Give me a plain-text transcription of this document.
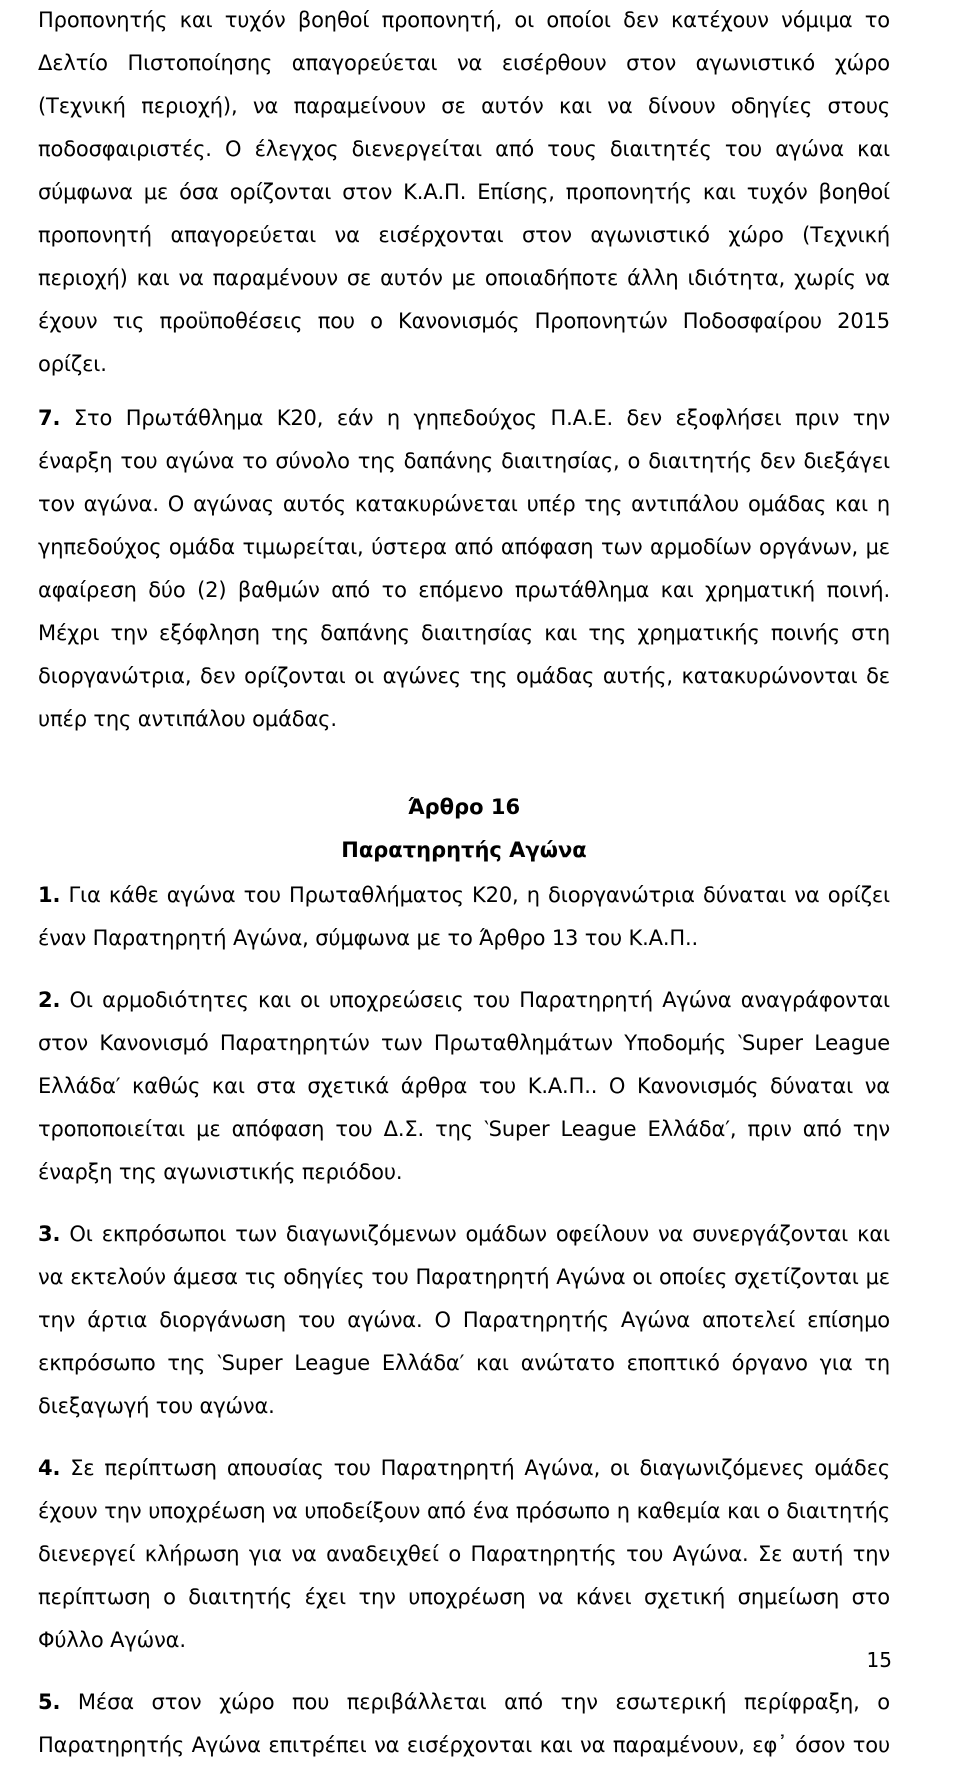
Προπονητής και τυχόν βοηθοί προπονητή, οι οποίοι δεν κατέχουν νόμιμα το Δελτίο Πιστοποίησης απαγορεύεται να εισέρθουν στον αγωνιστικό χώρο (Τεχνική περιοχή), να παραμείνουν σε αυτόν και να δίνουν οδηγίες στους ποδοσφαιριστές. Ο έλεγχος διενεργείται από τους διαιτητές του αγώνα και σύμφωνα με όσα ορίζονται στον Κ.Α.Π. Επίσης, προπονητής και τυχόν βοηθοί προπονητή απαγορεύεται να εισέρχονται στον αγωνιστικό χώρο (Τεχνική περιοχή) και να παραμένουν σε αυτόν με οποιαδήποτε άλλη ιδιότητα, χωρίς να έχουν τις προϋποθέσεις που ο Κανονισμός Προπονητών Ποδοσφαίρου 2015 ορίζει.

7. Στο Πρωτάθλημα Κ20, εάν η γηπεδούχος Π.Α.Ε. δεν εξοφλήσει πριν την έναρξη του αγώνα το σύνολο της δαπάνης διαιτησίας, ο διαιτητής δεν διεξάγει τον αγώνα. Ο αγώνας αυτός κατακυρώνεται υπέρ της αντιπάλου ομάδας και η γηπεδούχος ομάδα τιμωρείται, ύστερα από απόφαση των αρμοδίων οργάνων, με αφαίρεση δύο (2) βαθμών από το επόμενο πρωτάθλημα και χρηματική ποινή. Μέχρι την εξόφληση της δαπάνης διαιτησίας και της χρηματικής ποινής στη διοργανώτρια, δεν ορίζονται οι αγώνες της ομάδας αυτής, κατακυρώνονται δε υπέρ της αντιπάλου ομάδας.

Άρθρο 16
Παρατηρητής Αγώνα

1. Για κάθε αγώνα του Πρωταθλήματος Κ20, η διοργανώτρια δύναται να ορίζει έναν Παρατηρητή Αγώνα, σύμφωνα με το Άρθρο 13 του Κ.Α.Π..

2. Οι αρμοδιότητες και οι υποχρεώσεις του Παρατηρητή Αγώνα αναγράφονται στον Κανονισμό Παρατηρητών των Πρωταθλημάτων Υποδομής ‵Super League Ελλάδα′ καθώς και στα σχετικά άρθρα του Κ.Α.Π.. Ο Κανονισμός δύναται να τροποποιείται με απόφαση του Δ.Σ. της ‵Super League Ελλάδα′, πριν από την έναρξη της αγωνιστικής περιόδου.

3. Οι εκπρόσωποι των διαγωνιζόμενων ομάδων οφείλουν να συνεργάζονται και να εκτελούν άμεσα τις οδηγίες του Παρατηρητή Αγώνα οι οποίες σχετίζονται με την άρτια διοργάνωση του αγώνα. Ο Παρατηρητής Αγώνα αποτελεί επίσημο εκπρόσωπο της ‵Super League Ελλάδα′ και ανώτατο εποπτικό όργανο για τη διεξαγωγή του αγώνα.

4. Σε περίπτωση απουσίας του Παρατηρητή Αγώνα, οι διαγωνιζόμενες ομάδες έχουν την υποχρέωση να υποδείξουν από ένα πρόσωπο η καθεμία και ο διαιτητής διενεργεί κλήρωση για να αναδειχθεί ο Παρατηρητής του Αγώνα. Σε αυτή την περίπτωση ο διαιτητής έχει την υποχρέωση να κάνει σχετική σημείωση στο Φύλλο Αγώνα.

5. Μέσα στον χώρο που περιβάλλεται από την εσωτερική περίφραξη, ο Παρατηρητής Αγώνα επιτρέπει να εισέρχονται και να παραμένουν, εφ᾽ όσον του

15
